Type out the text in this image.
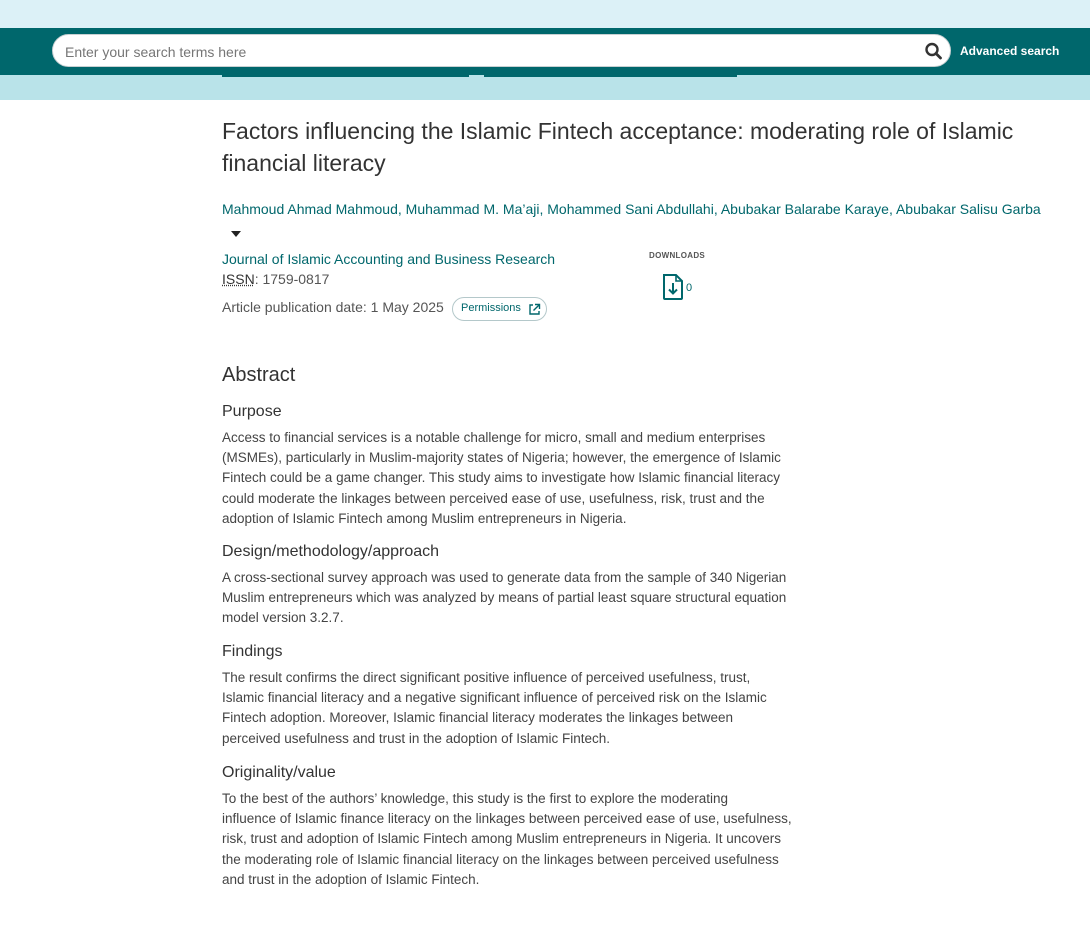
Enter your search terms here
Advanced search
Factors influencing the Islamic Fintech acceptance: moderating role of Islamic financial literacy
Mahmoud Ahmad Mahmoud, Muhammad M. Ma’aji, Mohammed Sani Abdullahi, Abubakar Balarabe Karaye, Abubakar Salisu Garba
Journal of Islamic Accounting and Business Research
ISSN: 1759-0817
Article publication date: 1 May 2025 Permissions
DOWNLOADS
0
Abstract
Purpose

Access to financial services is a notable challenge for micro, small and medium enterprises
(MSMEs), particularly in Muslim-majority states of Nigeria; however, the emergence of Islamic
Fintech could be a game changer. This study aims to investigate how Islamic financial literacy
could moderate the linkages between perceived ease of use, usefulness, risk, trust and the
adoption of Islamic Fintech among Muslim entrepreneurs in Nigeria.

Design/methodology/approach

A cross-sectional survey approach was used to generate data from the sample of 340 Nigerian
Muslim entrepreneurs which was analyzed by means of partial least square structural equation
model version 3.2.7.

Findings

The result confirms the direct significant positive influence of perceived usefulness, trust,
Islamic financial literacy and a negative significant influence of perceived risk on the Islamic
Fintech adoption. Moreover, Islamic financial literacy moderates the linkages between
perceived usefulness and trust in the adoption of Islamic Fintech.

Originality/value

To the best of the authors’ knowledge, this study is the first to explore the moderating
influence of Islamic finance literacy on the linkages between perceived ease of use, usefulness,
risk, trust and adoption of Islamic Fintech among Muslim entrepreneurs in Nigeria. It uncovers
the moderating role of Islamic financial literacy on the linkages between perceived usefulness
and trust in the adoption of Islamic Fintech.
